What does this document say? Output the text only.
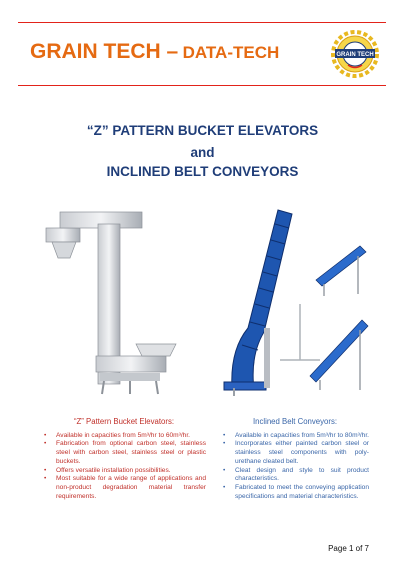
GRAIN TECH – DATA-TECH	GRAIN TECH
“Z” PATTERN BUCKET ELEVATORS
and
INCLINED BELT CONVEYORS
“Z” Pattern Bucket Elevators:
• Available in capacities from 5m³/hr to 60m³/hr.
• Fabrication from optional carbon steel, stainless steel with carbon steel, stainless steel or plastic buckets.
• Offers versatile installation possibilities.
• Most suitable for a wide range of applications and non-product degradation material transfer requirements.
Inclined Belt Conveyors:
• Available in capacities from 5m³/hr to 80m³/hr.
• Incorporates either painted carbon steel or stainless steel components with poly-urethane cleated belt.
• Cleat design and style to suit product characteristics.
• Fabricated to meet the conveying application specifications and material characteristics.
Page 1 of 7
